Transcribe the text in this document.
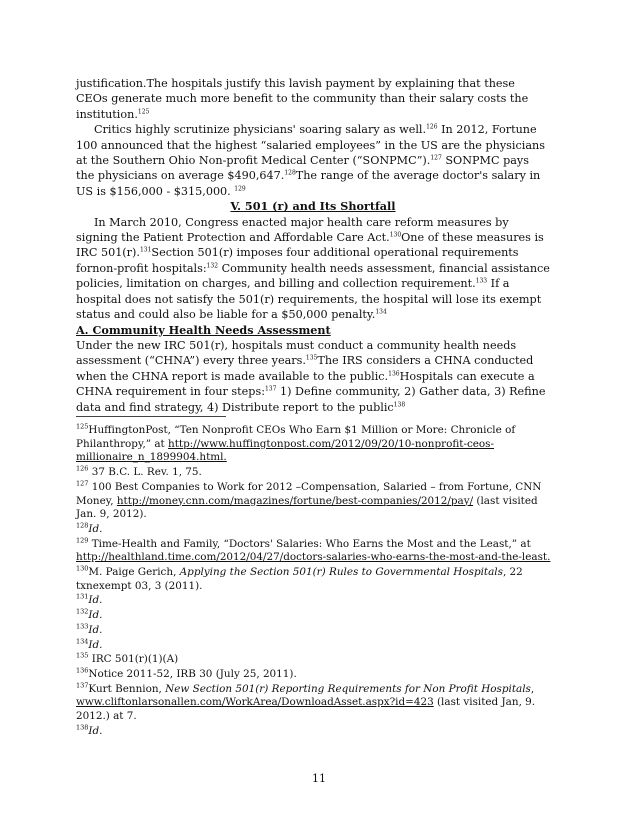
justification.The hospitals justify this lavish payment by explaining that these CEOs generate much more benefit to the community than their salary costs the institution.$^{125}$

Critics highly scrutinize physicians' soaring salary as well.$^{126}$ In 2012, Fortune 100 announced that the highest “salaried employees” in the US are the physicians at the Southern Ohio Non-profit Medical Center (“SONPMC”).$^{127}$ SONPMC pays the physicians on average $490,647.$^{128}$The range of the average doctor's salary in US is $156,000 - $315,000. $^{129}$

V. 501 (r) and Its Shortfall

In March 2010, Congress enacted major health care reform measures by signing the Patient Protection and Affordable Care Act.$^{130}$One of these measures is IRC 501(r).$^{131}$Section 501(r) imposes four additional operational requirements fornon-profit hospitals:$^{132}$ Community health needs assessment, financial assistance policies, limitation on charges, and billing and collection requirement.$^{133}$ If a hospital does not satisfy the 501(r) requirements, the hospital will lose its exempt status and could also be liable for a $50,000 penalty.$^{134}$

A. Community Health Needs Assessment

Under the new IRC 501(r), hospitals must conduct a community health needs assessment (“CHNA”) every three years.$^{135}$The IRS considers a CHNA conducted when the CHNA report is made available to the public.$^{136}$Hospitals can execute a CHNA requirement in four steps:$^{137}$ 1) Define community, 2) Gather data, 3) Refine data and find strategy, 4) Distribute report to the public$^{138}$

$^{125}$HuffingtonPost, “Ten Nonprofit CEOs Who Earn $1 Million or More: Chronicle of Philanthropy,” at http://www.huffingtonpost.com/2012/09/20/10-nonprofit-ceos-millionaire_n_1899904.html.

$^{126}$ 37 B.C. L. Rev. 1, 75.

$^{127}$ 100 Best Companies to Work for 2012 –Compensation, Salaried – from Fortune, CNN Money, http://money.cnn.com/magazines/fortune/best-companies/2012/pay/ (last visited Jan. 9, 2012).

$^{128}$Id.

$^{129}$ Time-Health and Family, “Doctors' Salaries: Who Earns the Most and the Least,” at http://healthland.time.com/2012/04/27/doctors-salaries-who-earns-the-most-and-the-least.

$^{130}$M. Paige Gerich, Applying the Section 501(r) Rules to Governmental Hospitals, 22 txnexempt 03, 3 (2011).

$^{131}$Id.

$^{132}$Id.

$^{133}$Id.

$^{134}$Id.

$^{135}$ IRC 501(r)(1)(A)

$^{136}$Notice 2011-52, IRB 30 (July 25, 2011).

$^{137}$Kurt Bennion, New Section 501(r) Reporting Requirements for Non Profit Hospitals, www.cliftonlarsonallen.com/WorkArea/DownloadAsset.aspx?id=423 (last visited Jan, 9. 2012.) at 7.

$^{138}$Id.

11
